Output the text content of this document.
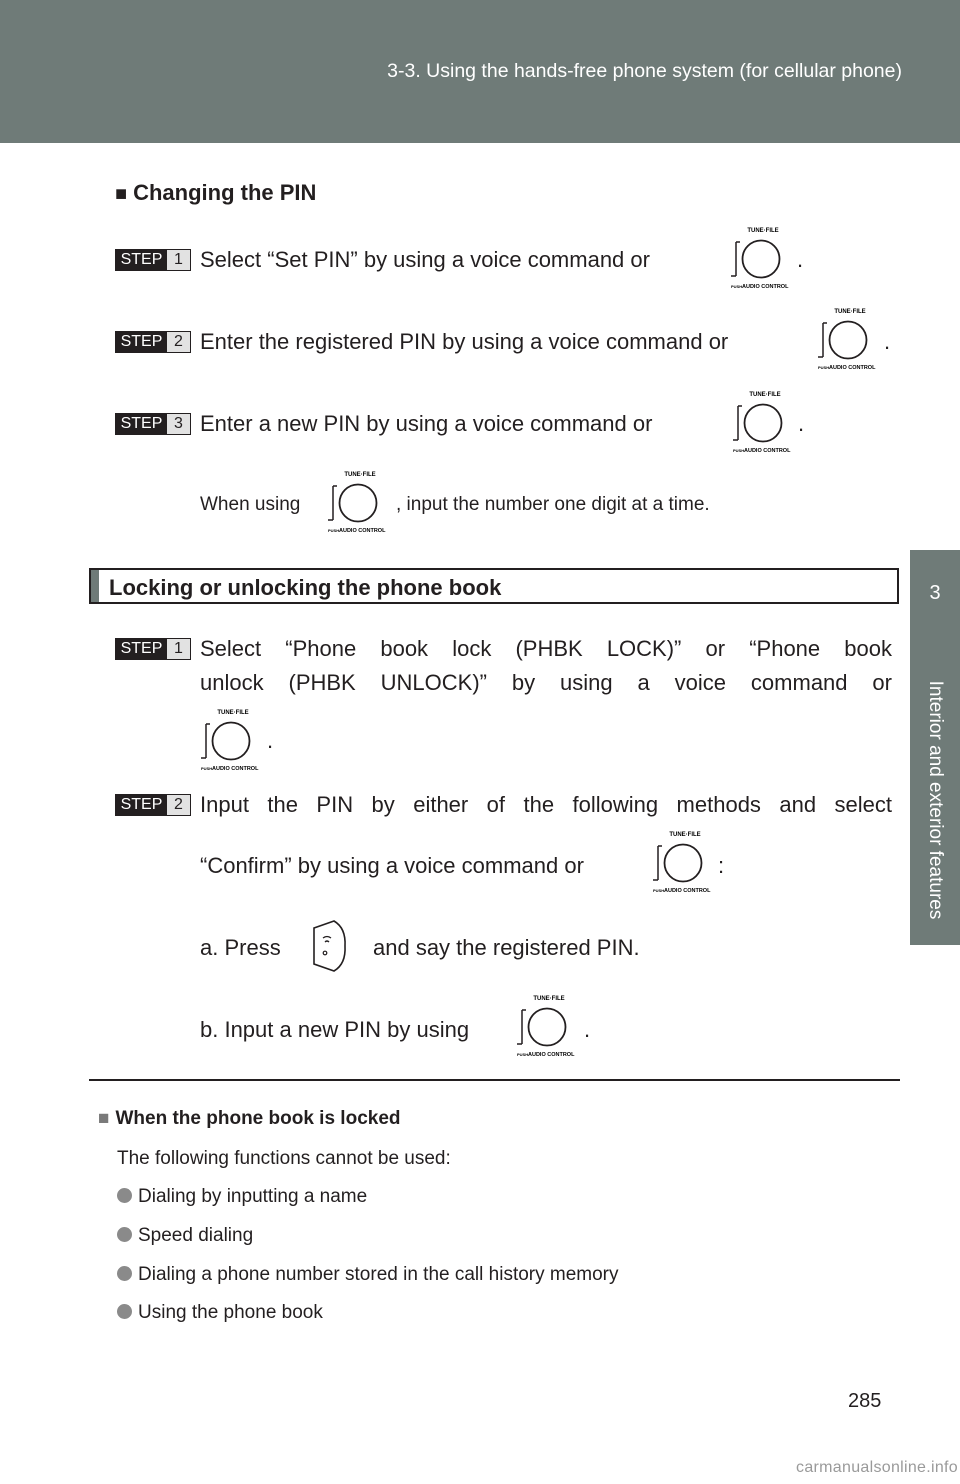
3-3. Using the hands-free phone system (for cellular phone)
3
Interior and exterior features
■ Changing the PIN
STEP 1 Select “Set PIN” by using a voice command or
TUNE·FILE
PUSH AUDIO CONTROL
.
STEP 2 Enter the registered PIN by using a voice command or
TUNE·FILE
PUSH AUDIO CONTROL
.
STEP 3 Enter a new PIN by using a voice command or
TUNE·FILE
PUSH AUDIO CONTROL
.
When using	, input the number one digit at a time.
TUNE·FILE
PUSH AUDIO CONTROL
Locking or unlocking the phone book
STEP 1 Select “Phone book lock (PHBK LOCK)” or “Phone book
unlock (PHBK UNLOCK)” by using a voice command or
TUNE·FILE
PUSH AUDIO CONTROL
.
STEP 2 Input the PIN by either of the following methods and select
“Confirm” by using a voice command or
TUNE·FILE
PUSH AUDIO CONTROL
:
a. Press	and say the registered PIN.
b. Input a new PIN by using
TUNE·FILE
PUSH AUDIO CONTROL
.
■ When the phone book is locked
The following functions cannot be used:
Dialing by inputting a name
Speed dialing
Dialing a phone number stored in the call history memory
Using the phone book
285
carmanualsonline.info
